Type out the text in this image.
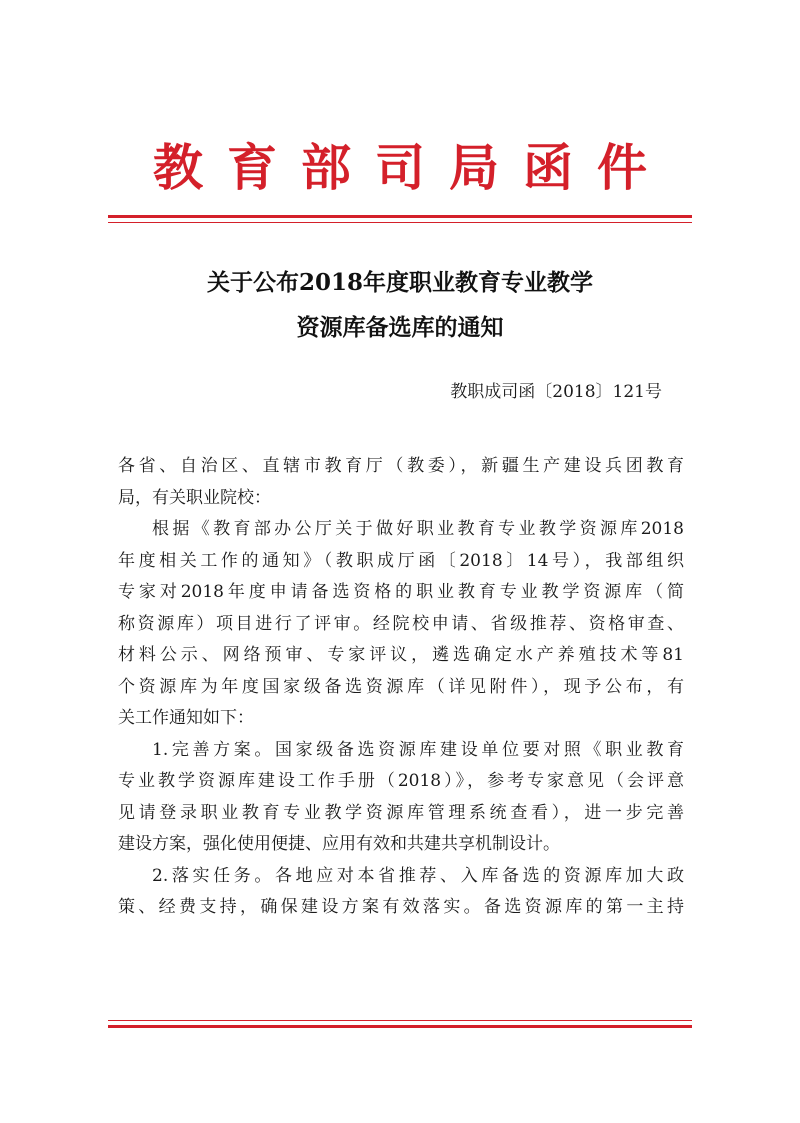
教育部司局函件
关于公布2018年度职业教育专业教学
资源库备选库的通知
教职成司函〔2018〕121号
各省、自治区、直辖市教育厅（教委），新疆生产建设兵团教育
局，有关职业院校：
根据《教育部办公厅关于做好职业教育专业教学资源库2018
年度相关工作的通知》（教职成厅函〔2018〕14号），我部组织
专家对2018年度申请备选资格的职业教育专业教学资源库（简
称资源库）项目进行了评审。经院校申请、省级推荐、资格审查、
材料公示、网络预审、专家评议，遴选确定水产养殖技术等81
个资源库为年度国家级备选资源库（详见附件），现予公布，有
关工作通知如下：
1.完善方案。国家级备选资源库建设单位要对照《职业教育
专业教学资源库建设工作手册（2018）》，参考专家意见（会评意
见请登录职业教育专业教学资源库管理系统查看），进一步完善
建设方案，强化使用便捷、应用有效和共建共享机制设计。
2.落实任务。各地应对本省推荐、入库备选的资源库加大政
策、经费支持，确保建设方案有效落实。备选资源库的第一主持
